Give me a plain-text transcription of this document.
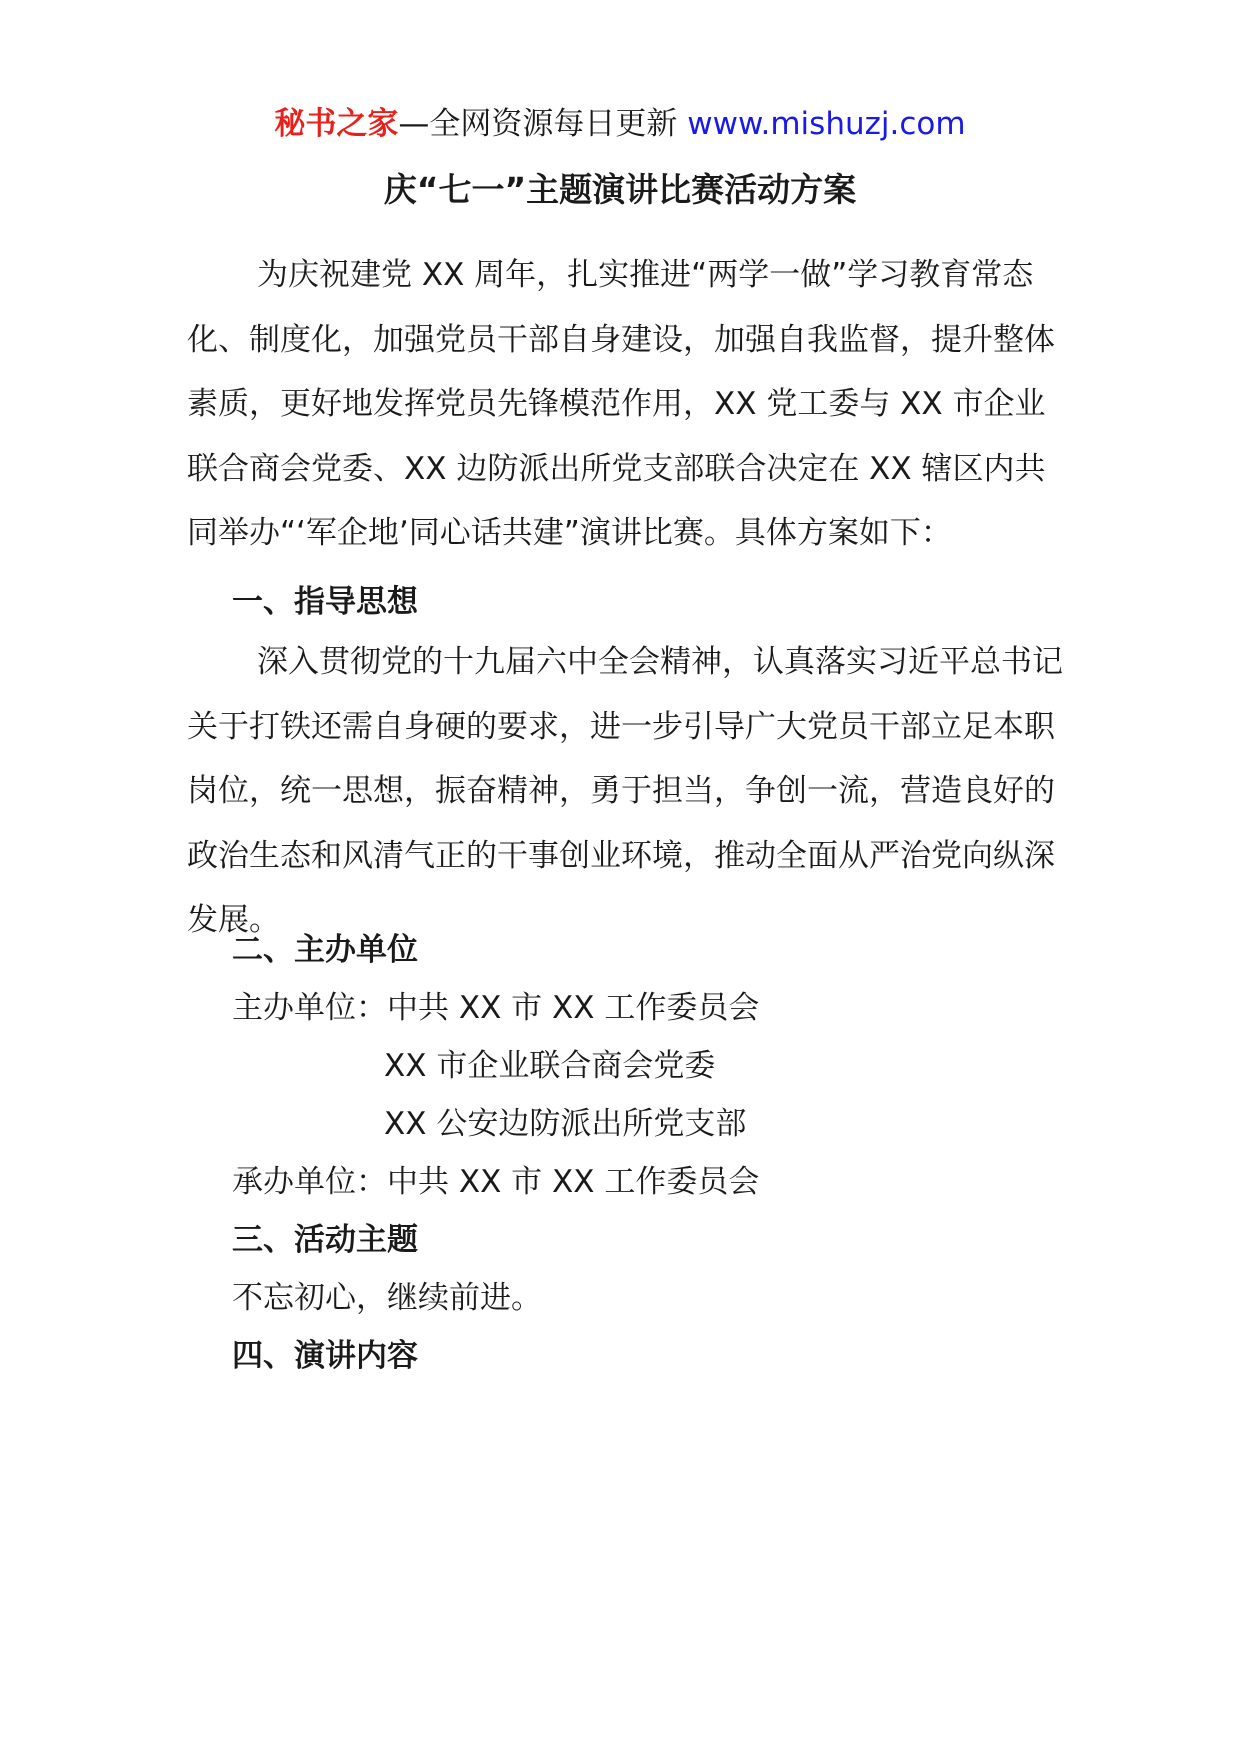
秘书之家—全网资源每日更新 www.mishuzj.com
庆“七一”主题演讲比赛活动方案

为庆祝建党 XX 周年，扎实推进“两学一做”学习教育常态化、制度化，加强党员干部自身建设，加强自我监督，提升整体素质，更好地发挥党员先锋模范作用，XX 党工委与 XX 市企业联合商会党委、XX 边防派出所党支部联合决定在 XX 辖区内共同举办“‘军企地’同心话共建”演讲比赛。具体方案如下：

一、指导思想

深入贯彻党的十九届六中全会精神，认真落实习近平总书记关于打铁还需自身硬的要求，进一步引导广大党员干部立足本职岗位，统一思想，振奋精神，勇于担当，争创一流，营造良好的政治生态和风清气正的干事创业环境，推动全面从严治党向纵深发展。

二、主办单位
主办单位：中共 XX 市 XX 工作委员会
XX 市企业联合商会党委
XX 公安边防派出所党支部
承办单位：中共 XX 市 XX 工作委员会
三、活动主题
不忘初心，继续前进。
四、演讲内容
